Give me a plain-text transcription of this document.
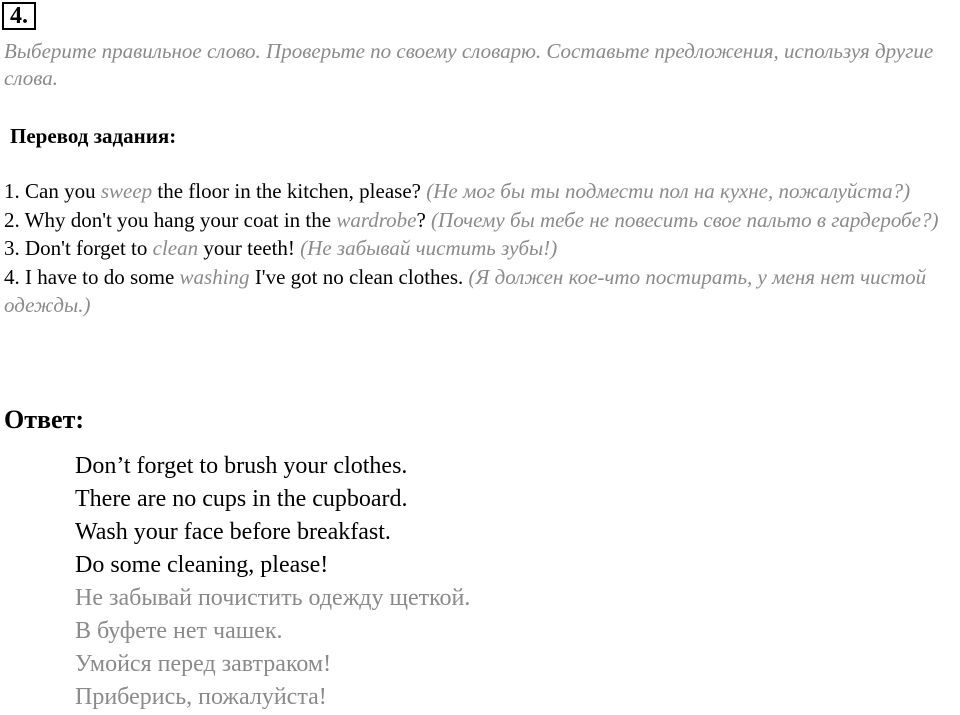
4.
Выберите правильное слово. Проверьте по своему словарю. Составьте предложения, используя другие слова.
Перевод задания:

1. Can you sweep the floor in the kitchen, please? (Не мог бы ты подмести пол на кухне, пожалуйста?)

2. Why don't you hang your coat in the wardrobe? (Почему бы тебе не повесить свое пальто в гардеробе?)

3. Don't forget to clean your teeth! (Не забывай чистить зубы!)

4. I have to do some washing I've got no clean clothes. (Я должен кое-что постирать, у меня нет чистой одежды.)

Ответ:
Don’t forget to brush your clothes.
There are no cups in the cupboard.
Wash your face before breakfast.
Do some cleaning, please!
Не забывай почистить одежду щеткой.
В буфете нет чашек.
Умойся перед завтраком!
Приберись, пожалуйста!
